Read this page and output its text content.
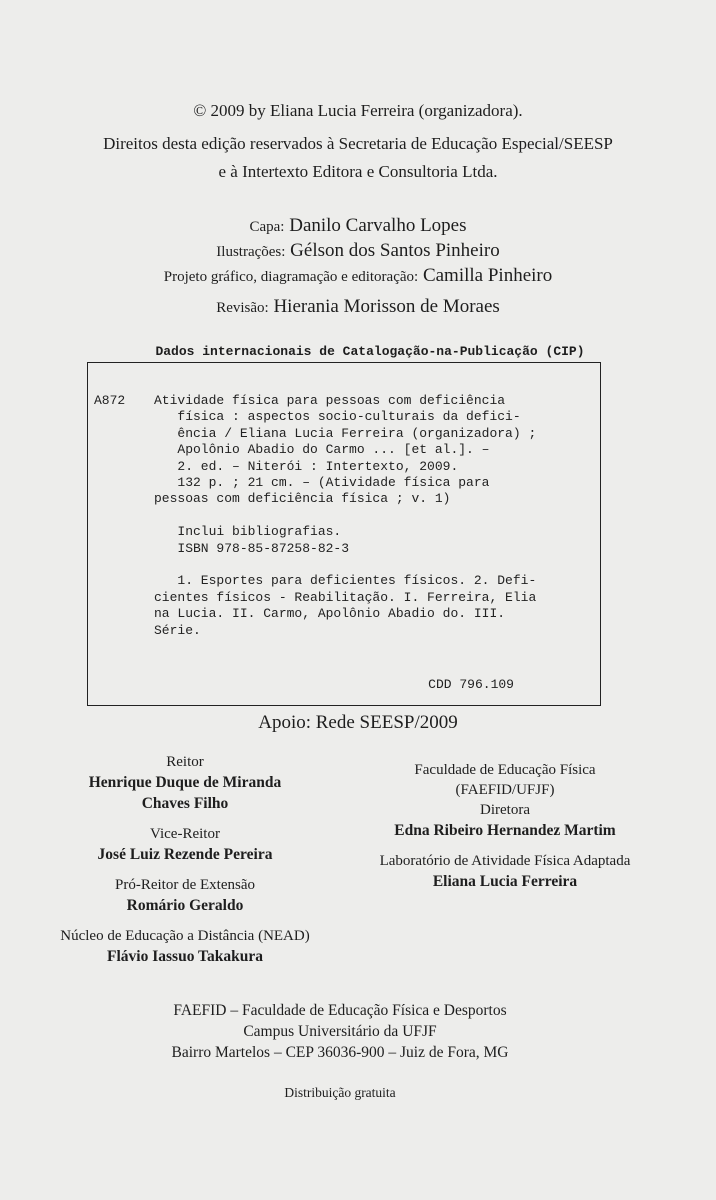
© 2009 by Eliana Lucia Ferreira (organizadora).
Direitos desta edição reservados à Secretaria de Educação Especial/SEESP
e à Intertexto Editora e Consultoria Ltda.
Capa: Danilo Carvalho Lopes
Ilustrações: Gélson dos Santos Pinheiro
Projeto gráfico, diagramação e editoração: Camilla Pinheiro
Revisão: Hierania Morisson de Moraes
Dados internacionais de Catalogação-na-Publicação (CIP)
A872 Atividade física para pessoas com deficiência
física : aspectos socio-culturais da defici-
ência / Eliana Lucia Ferreira (organizadora) ;
Apolônio Abadio do Carmo ... [et al.]. –
2. ed. – Niterói : Intertexto, 2009.
132 p. ; 21 cm. – (Atividade física para
pessoas com deficiência física ; v. 1)
Inclui bibliografias.
ISBN 978-85-87258-82-3
1. Esportes para deficientes físicos. 2. Defi-
cientes físicos - Reabilitação. I. Ferreira, Elia
na Lucia. II. Carmo, Apolônio Abadio do. III.
Série.
CDD 796.109
Apoio: Rede SEESP/2009
Reitor
Henrique Duque de Miranda
Chaves Filho
Vice-Reitor
José Luiz Rezende Pereira
Pró-Reitor de Extensão
Romário Geraldo
Núcleo de Educação a Distância (NEAD)
Flávio Iassuo Takakura
Faculdade de Educação Física
(FAEFID/UFJF)
Diretora
Edna Ribeiro Hernandez Martim
Laboratório de Atividade Física Adaptada
Eliana Lucia Ferreira
FAEFID – Faculdade de Educação Física e Desportos
Campus Universitário da UFJF
Bairro Martelos – CEP 36036-900 – Juiz de Fora, MG
Distribuição gratuita
